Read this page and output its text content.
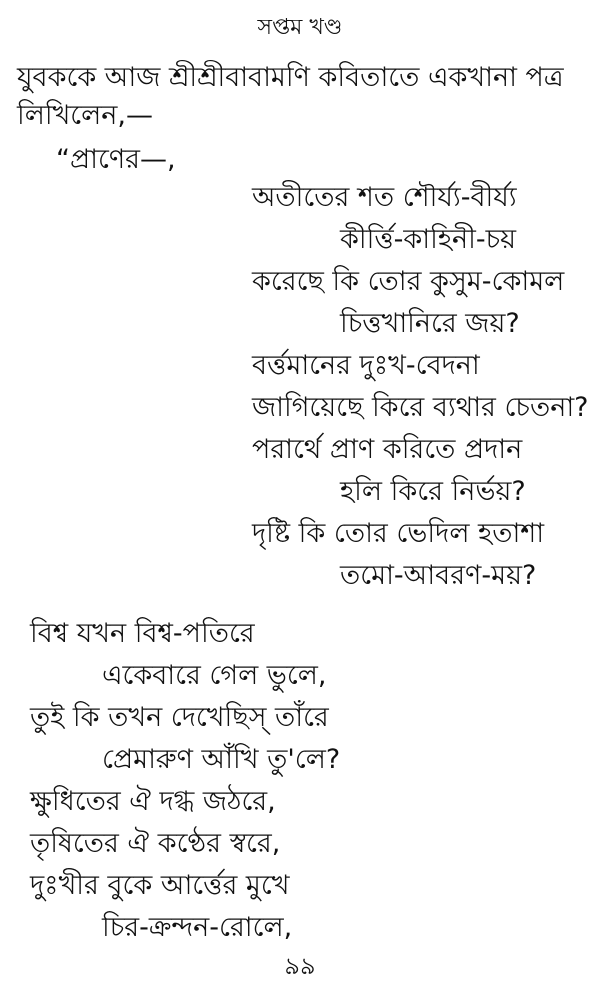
সপ্তম খণ্ড
যুবককে আজ শ্রীশ্রীবাবামণি কবিতাতে একখানা পত্র
লিখিলেন,—
“প্রাণের—,
অতীতের শত শৌর্য্য-বীর্য্য
কীর্ত্তি-কাহিনী-চয়
করেছে কি তোর কুসুম-কোমল
চিত্তখানিরে জয়?
বর্ত্তমানের দুঃখ-বেদনা
জাগিয়েছে কিরে ব্যথার চেতনা?
পরার্থে প্রাণ করিতে প্রদান
হলি কিরে নির্ভয়?
দৃষ্টি কি তোর ভেদিল হতাশা
তমো-আবরণ-ময়?
বিশ্ব যখন বিশ্ব-পতিরে
একেবারে গেল ভুলে,
তুই কি তখন দেখেছিস্ তাঁরে
প্রেমারুণ আঁখি তু'লে?
ক্ষুধিতের ঐ দগ্ধ জঠরে,
তৃষিতের ঐ কণ্ঠের স্বরে,
দুঃখীর বুকে আর্ত্তের মুখে
চির-ক্রন্দন-রোলে,
৯৯
